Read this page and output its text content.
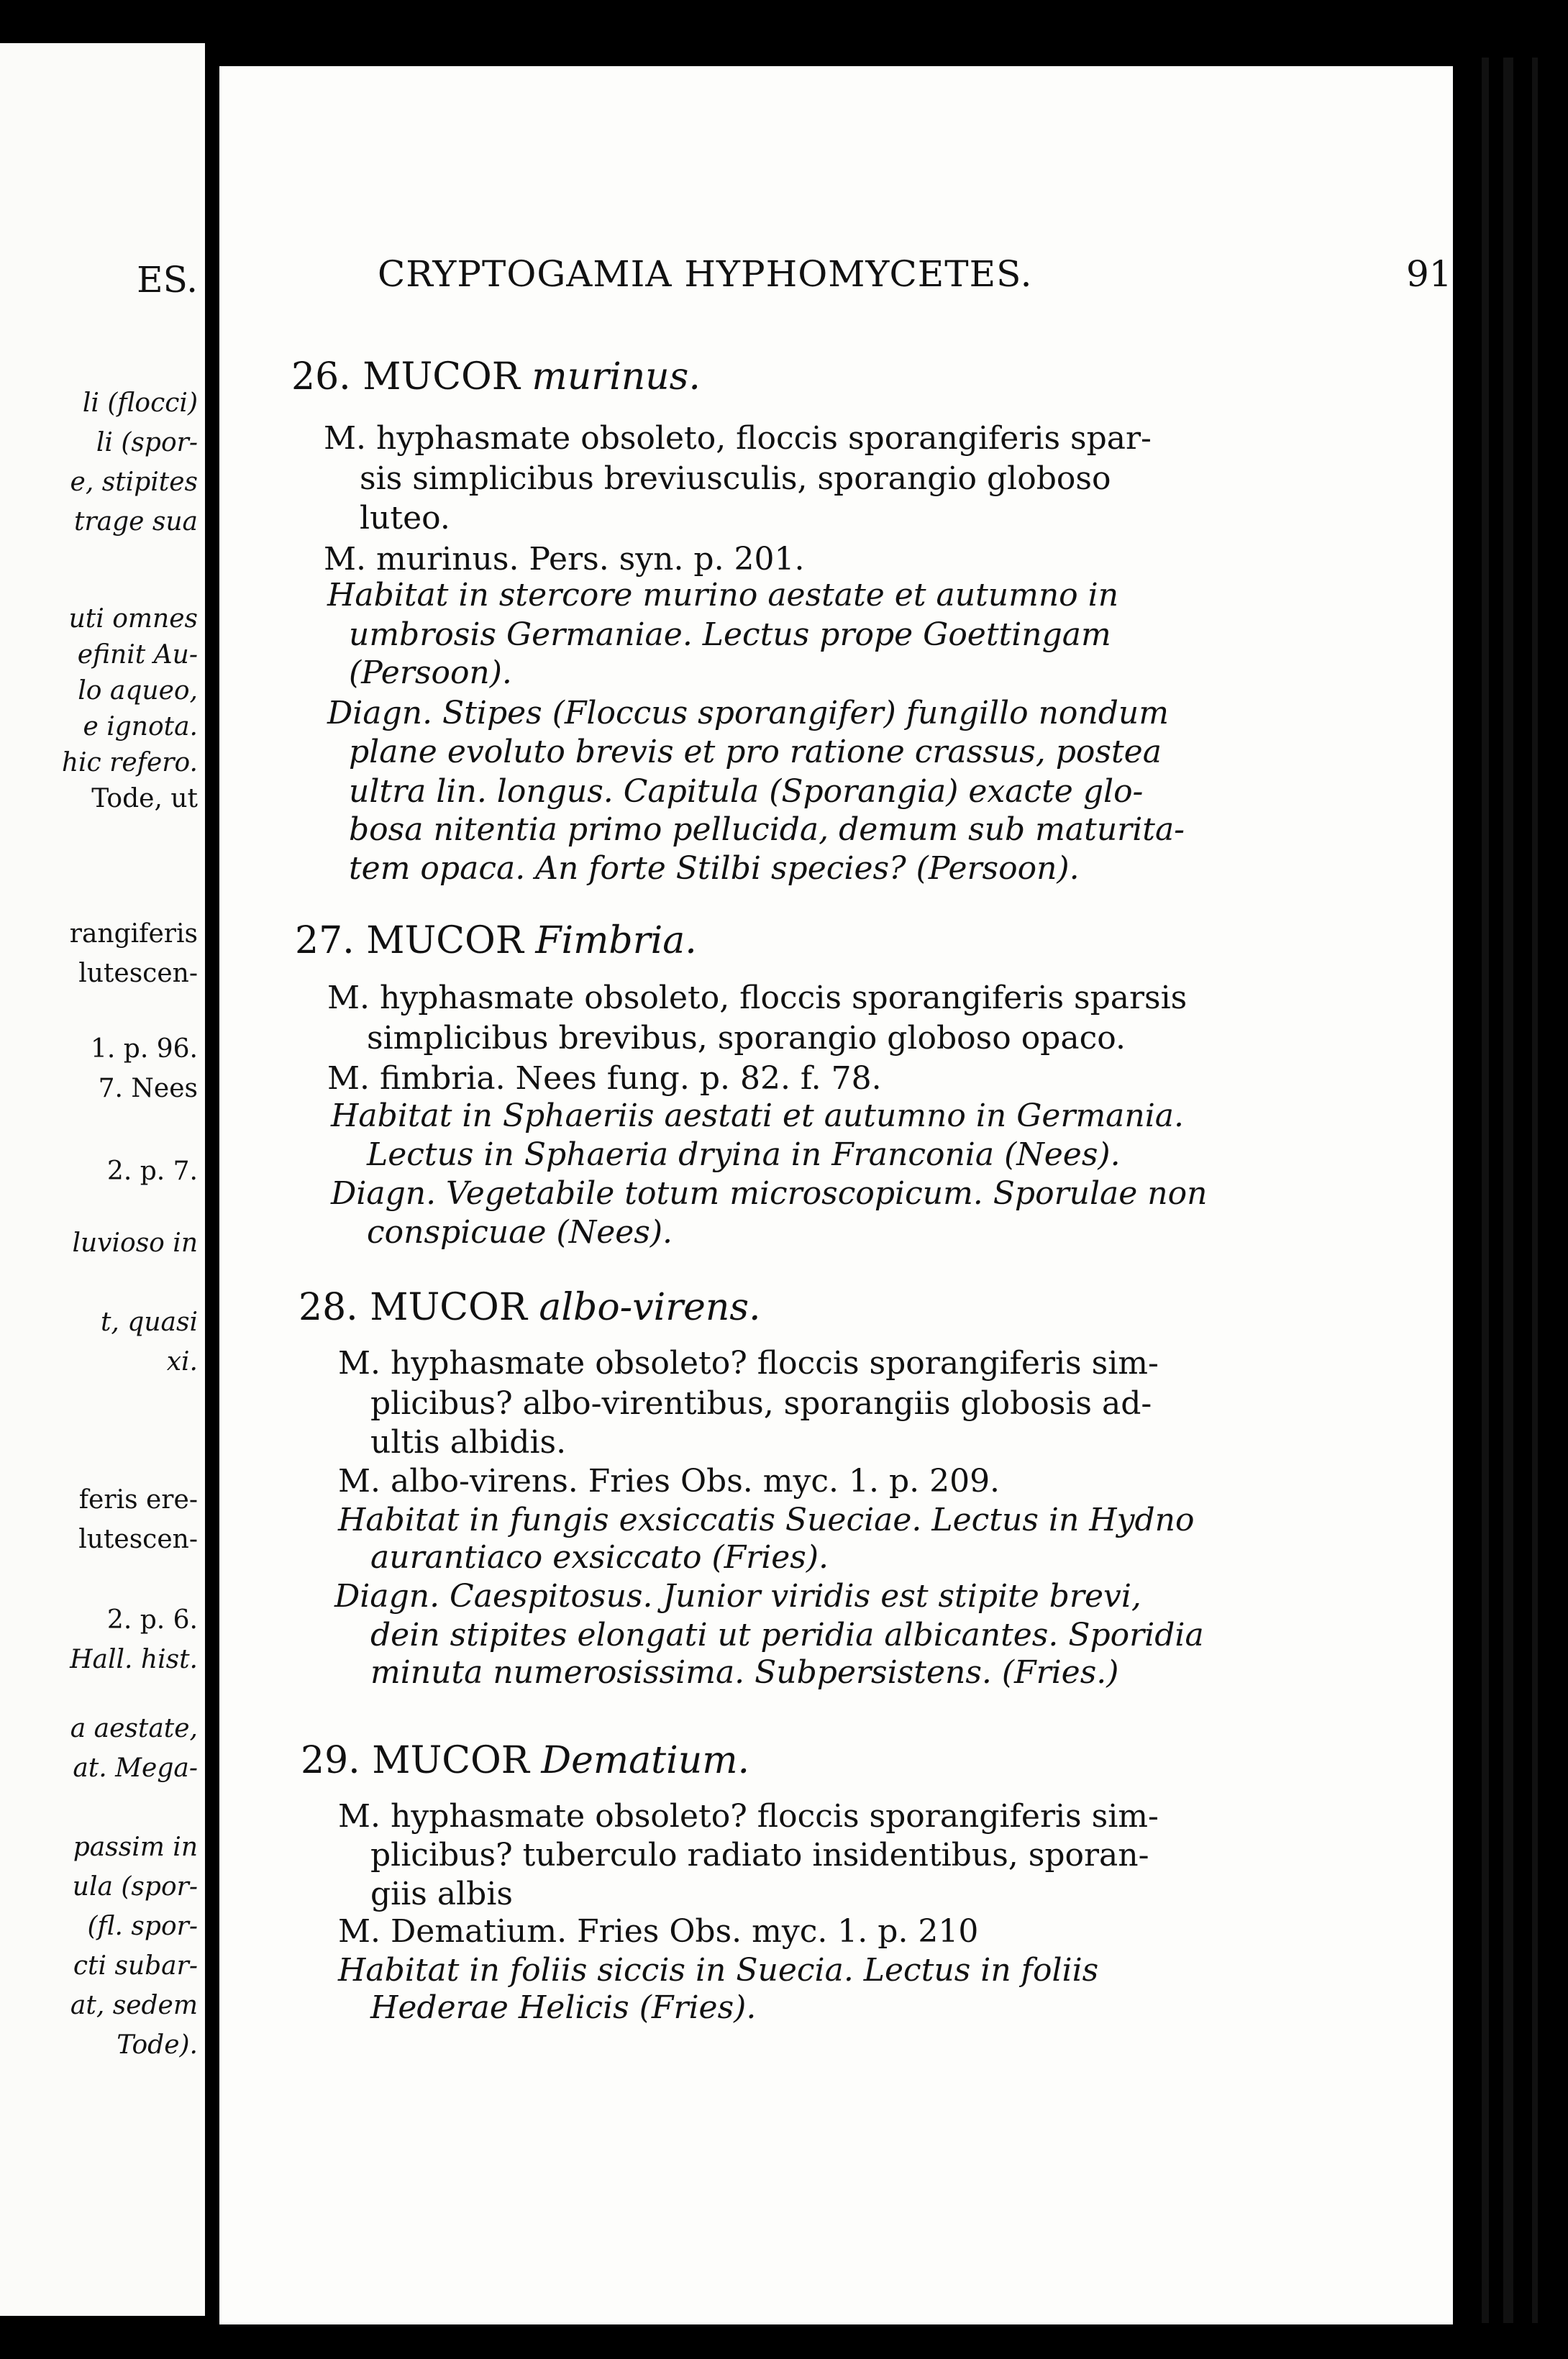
ES.
li (flocci)
li (spor-
e, stipites
trage sua
uti omnes
efinit Au-
lo aqueo,
e ignota.
hic refero.
Tode, ut
rangiferis
lutescen-
1. p. 96.
7. Nees
2. p. 7.
luvioso in
t, quasi
xi.
feris ere-
lutescen-
2. p. 6.
Hall. hist.
a aestate,
at. Mega-
passim in
ula (spor-
(fl. spor-
cti subar-
at, sedem
Tode).
CRYPTOGAMIA HYPHOMYCETES.	91
26. MUCOR murinus.
M. hyphasmate obsoleto, floccis sporangiferis spar-
sis simplicibus breviusculis, sporangio globoso
luteo.
M. murinus. Pers. syn. p. 201.
Habitat in stercore murino aestate et autumno in
umbrosis Germaniae. Lectus prope Goettingam
(Persoon).
Diagn. Stipes (Floccus sporangifer) fungillo nondum
plane evoluto brevis et pro ratione crassus, postea
ultra lin. longus. Capitula (Sporangia) exacte glo-
bosa nitentia primo pellucida, demum sub maturita-
tem opaca. An forte Stilbi species? (Persoon).
27. MUCOR Fimbria.
M. hyphasmate obsoleto, floccis sporangiferis sparsis
simplicibus brevibus, sporangio globoso opaco.
M. fimbria. Nees fung. p. 82. f. 78.
Habitat in Sphaeriis aestati et autumno in Germania.
Lectus in Sphaeria dryina in Franconia (Nees).
Diagn. Vegetabile totum microscopicum. Sporulae non
conspicuae (Nees).
28. MUCOR albo-virens.
M. hyphasmate obsoleto? floccis sporangiferis sim-
plicibus? albo-virentibus, sporangiis globosis ad-
ultis albidis.
M. albo-virens. Fries Obs. myc. 1. p. 209.
Habitat in fungis exsiccatis Sueciae. Lectus in Hydno
aurantiaco exsiccato (Fries).
Diagn. Caespitosus. Junior viridis est stipite brevi,
dein stipites elongati ut peridia albicantes. Sporidia
minuta numerosissima. Subpersistens. (Fries.)
29. MUCOR Dematium.
M. hyphasmate obsoleto? floccis sporangiferis sim-
plicibus? tuberculo radiato insidentibus, sporan-
giis albis
M. Dematium. Fries Obs. myc. 1. p. 210
Habitat in foliis siccis in Suecia. Lectus in foliis
Hederae Helicis (Fries).
